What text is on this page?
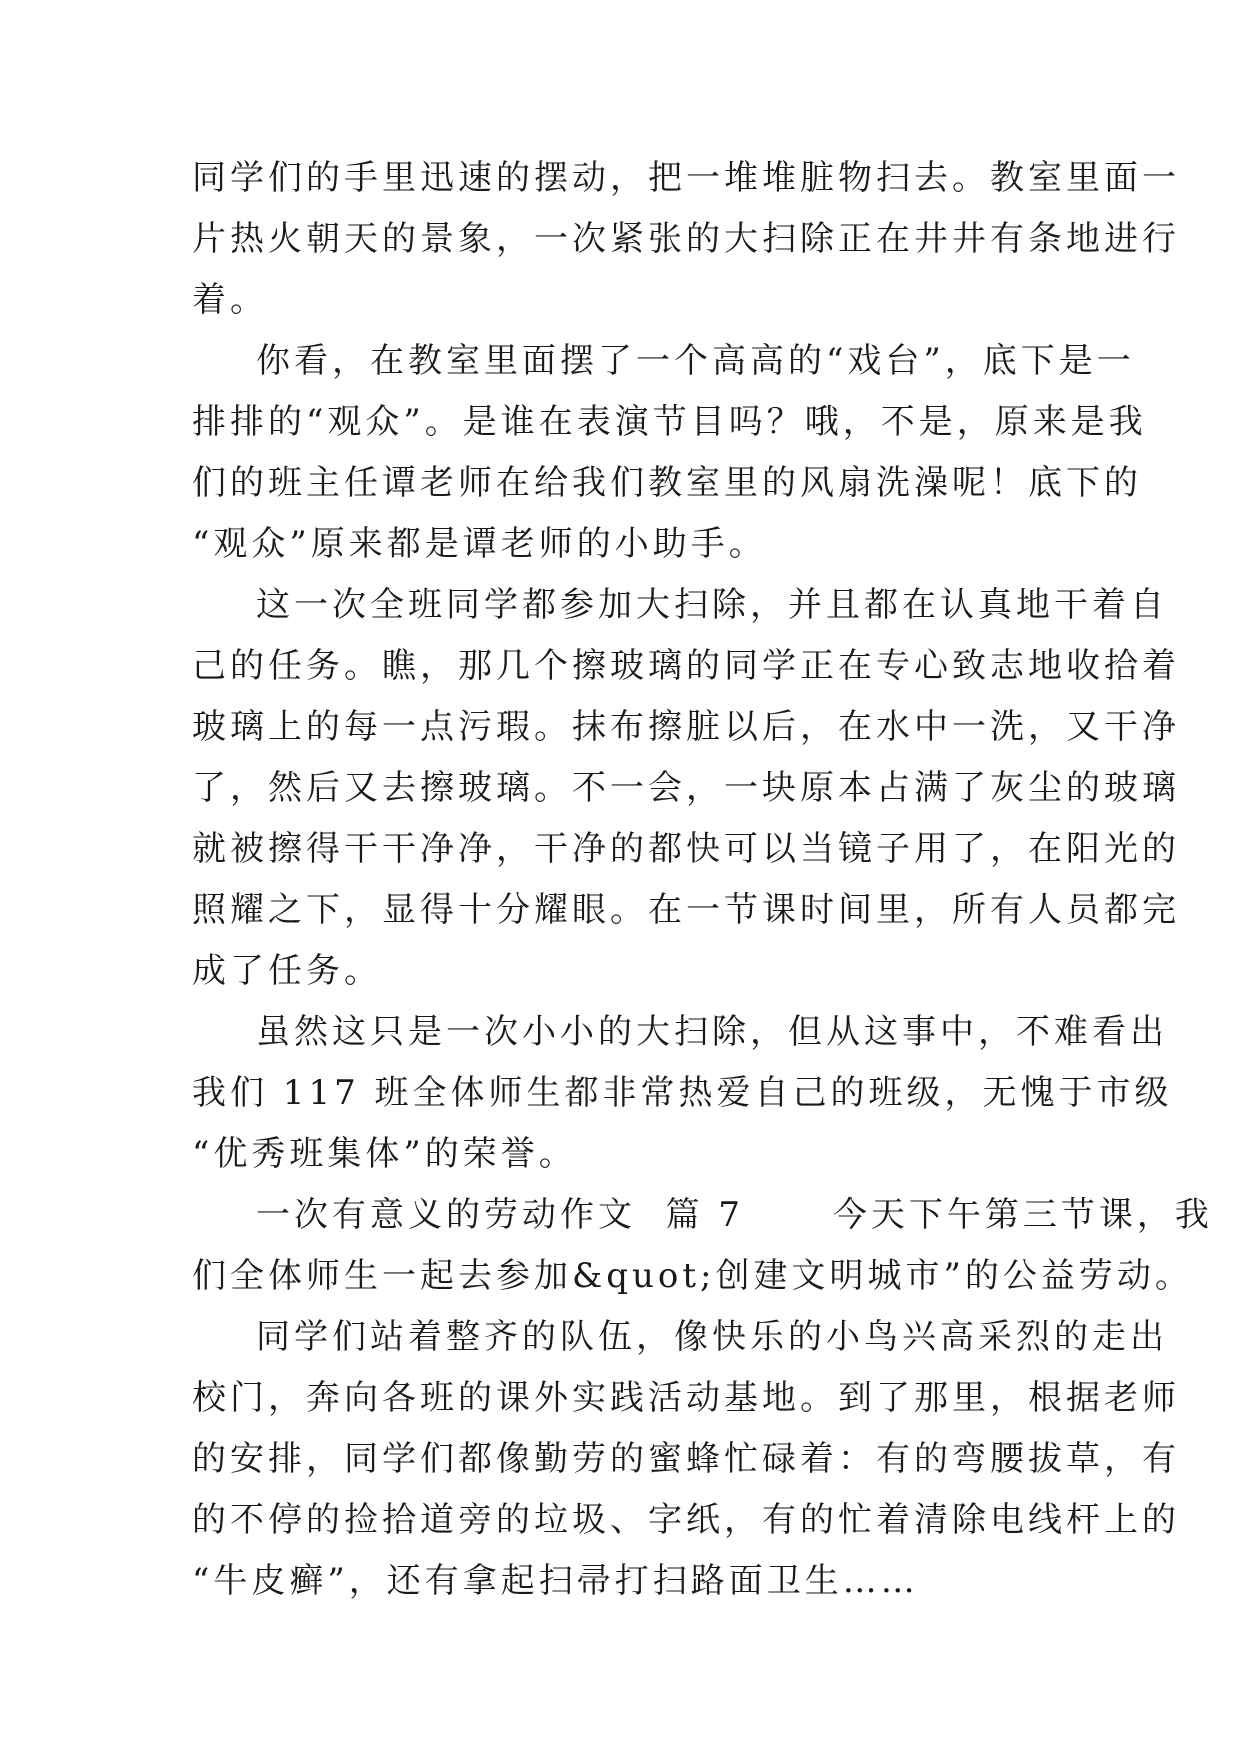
同学们的手里迅速的摆动，把一堆堆脏物扫去。教室里面一
片热火朝天的景象，一次紧张的大扫除正在井井有条地进行
着。
你看，在教室里面摆了一个高高的“戏台”，底下是一
排排的“观众”。是谁在表演节目吗？哦，不是，原来是我
们的班主任谭老师在给我们教室里的风扇洗澡呢！底下的
“观众”原来都是谭老师的小助手。
这一次全班同学都参加大扫除，并且都在认真地干着自
己的任务。瞧，那几个擦玻璃的同学正在专心致志地收拾着
玻璃上的每一点污瑕。抹布擦脏以后，在水中一洗，又干净
了，然后又去擦玻璃。不一会，一块原本占满了灰尘的玻璃
就被擦得干干净净，干净的都快可以当镜子用了，在阳光的
照耀之下，显得十分耀眼。在一节课时间里，所有人员都完
成了任务。
虽然这只是一次小小的大扫除，但从这事中，不难看出
我们 117 班全体师生都非常热爱自己的班级，无愧于市级
“优秀班集体”的荣誉。
一次有意义的劳动作文  篇 7      今天下午第三节课，我
们全体师生一起去参加&quot;创建文明城市”的公益劳动。
同学们站着整齐的队伍，像快乐的小鸟兴高采烈的走出
校门，奔向各班的课外实践活动基地。到了那里，根据老师
的安排，同学们都像勤劳的蜜蜂忙碌着：有的弯腰拔草，有
的不停的捡拾道旁的垃圾、字纸，有的忙着清除电线杆上的
“牛皮癣”，还有拿起扫帚打扫路面卫生……
